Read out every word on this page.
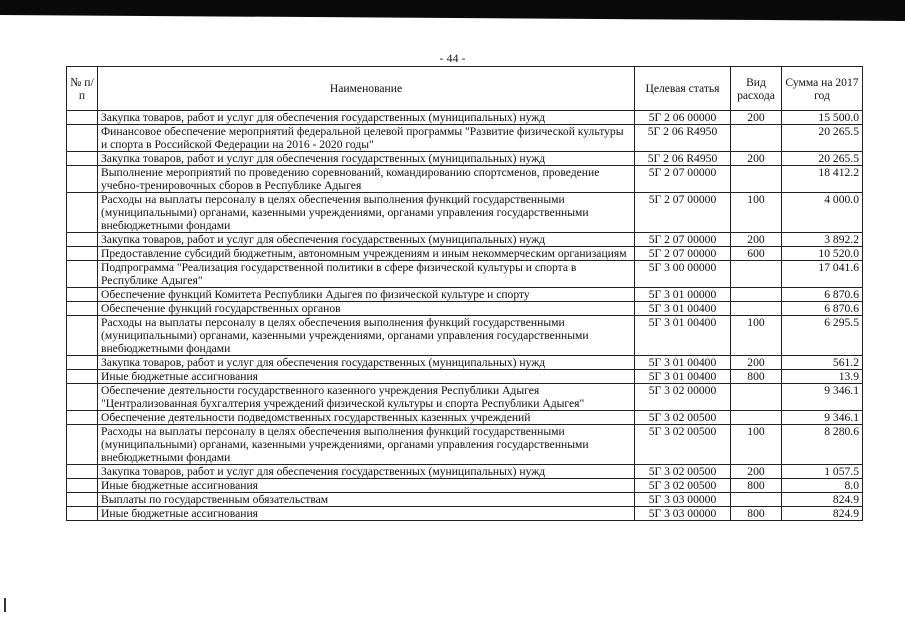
- 44 -
№ п/п	Наименование	Целевая статья	Вид расхода	Сумма на 2017 год
	Закупка товаров, работ и услуг для обеспечения государственных (муниципальных) нужд	5Г 2 06 00000	200	15 500.0
	Финансовое обеспечение мероприятий федеральной целевой программы "Развитие физической культуры и спорта в Российской Федерации на 2016 - 2020 годы"	5Г 2 06 R4950		20 265.5
	Закупка товаров, работ и услуг для обеспечения государственных (муниципальных) нужд	5Г 2 06 R4950	200	20 265.5
	Выполнение мероприятий по проведению соревнований, командированию спортсменов, проведение учебно-тренировочных сборов в Республике Адыгея	5Г 2 07 00000		18 412.2
	Расходы на выплаты персоналу в целях обеспечения выполнения функций государственными (муниципальными) органами, казенными учреждениями, органами управления государственными внебюджетными фондами	5Г 2 07 00000	100	4 000.0
	Закупка товаров, работ и услуг для обеспечения государственных (муниципальных) нужд	5Г 2 07 00000	200	3 892.2
	Предоставление субсидий бюджетным, автономным учреждениям и иным некоммерческим организациям	5Г 2 07 00000	600	10 520.0
	Подпрограмма "Реализация государственной политики в сфере физической культуры и спорта в Республике Адыгея"	5Г 3 00 00000		17 041.6
	Обеспечение функций Комитета Республики Адыгея по физической культуре и спорту	5Г 3 01 00000		6 870.6
	Обеспечение функций государственных органов	5Г 3 01 00400		6 870.6
	Расходы на выплаты персоналу в целях обеспечения выполнения функций государственными (муниципальными) органами, казенными учреждениями, органами управления государственными внебюджетными фондами	5Г 3 01 00400	100	6 295.5
	Закупка товаров, работ и услуг для обеспечения государственных (муниципальных) нужд	5Г 3 01 00400	200	561.2
	Иные бюджетные ассигнования	5Г 3 01 00400	800	13.9
	Обеспечение деятельности государственного казенного учреждения Республики Адыгея "Централизованная бухгалтерия учреждений физической культуры и спорта Республики Адыгея"	5Г 3 02 00000		9 346.1
	Обеспечение деятельности подведомственных государственных казенных учреждений	5Г 3 02 00500		9 346.1
	Расходы на выплаты персоналу в целях обеспечения выполнения функций государственными (муниципальными) органами, казенными учреждениями, органами управления государственными внебюджетными фондами	5Г 3 02 00500	100	8 280.6
	Закупка товаров, работ и услуг для обеспечения государственных (муниципальных) нужд	5Г 3 02 00500	200	1 057.5
	Иные бюджетные ассигнования	5Г 3 02 00500	800	8.0
	Выплаты по государственным обязательствам	5Г 3 03 00000		824.9
	Иные бюджетные ассигнования	5Г 3 03 00000	800	824.9
